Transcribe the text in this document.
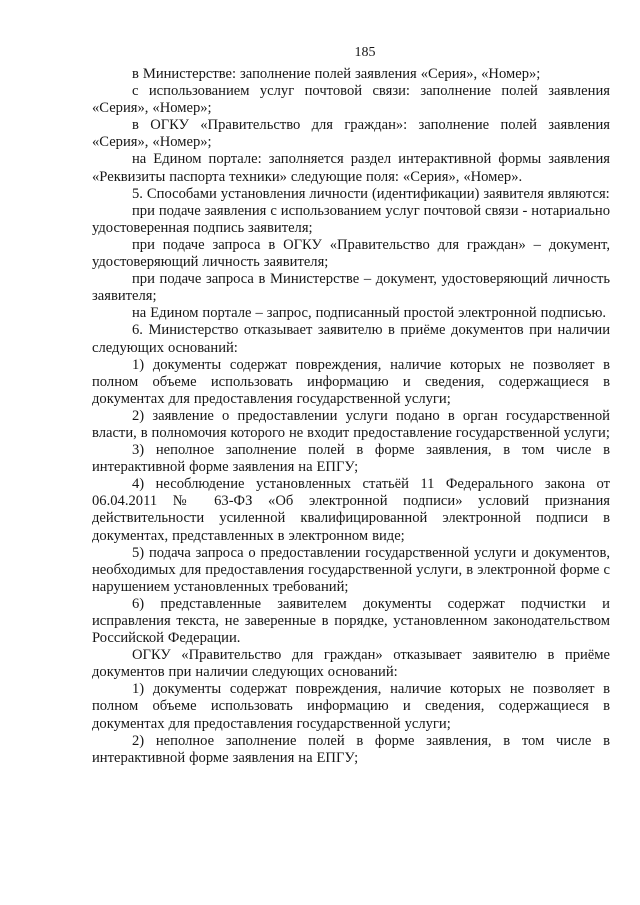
185

в Министерстве: заполнение полей заявления «Серия», «Номер»;

с использованием услуг почтовой связи: заполнение полей заявления «Серия», «Номер»;

в ОГКУ «Правительство для граждан»: заполнение полей заявления «Серия», «Номер»;

на Едином портале: заполняется раздел интерактивной формы заявления «Реквизиты паспорта техники» следующие поля: «Серия», «Номер».

5. Способами установления личности (идентификации) заявителя являются:

при подаче заявления с использованием услуг почтовой связи - нотариально удостоверенная подпись заявителя;

при подаче запроса в ОГКУ «Правительство для граждан» – документ, удостоверяющий личность заявителя;

при подаче запроса в Министерстве – документ, удостоверяющий личность заявителя;

на Едином портале – запрос, подписанный простой электронной подписью.

6. Министерство отказывает заявителю в приёме документов при наличии следующих оснований:

1) документы содержат повреждения, наличие которых не позволяет в полном объеме использовать информацию и сведения, содержащиеся в документах для предоставления государственной услуги;

2) заявление о предоставлении услуги подано в орган государственной власти, в полномочия которого не входит предоставление государственной услуги;

3) неполное заполнение полей в форме заявления, в том числе в интерактивной форме заявления на ЕПГУ;

4) несоблюдение установленных статьёй 11 Федерального закона от 06.04.2011 № 63-ФЗ «Об электронной подписи» условий признания действительности усиленной квалифицированной электронной подписи в документах, представленных в электронном виде;

5) подача запроса о предоставлении государственной услуги и документов, необходимых для предоставления государственной услуги, в электронной форме с нарушением установленных требований;

6) представленные заявителем документы содержат подчистки и исправления текста, не заверенные в порядке, установленном законодательством Российской Федерации.

ОГКУ «Правительство для граждан» отказывает заявителю в приёме документов при наличии следующих оснований:

1) документы содержат повреждения, наличие которых не позволяет в полном объеме использовать информацию и сведения, содержащиеся в документах для предоставления государственной услуги;

2) неполное заполнение полей в форме заявления, в том числе в интерактивной форме заявления на ЕПГУ;
